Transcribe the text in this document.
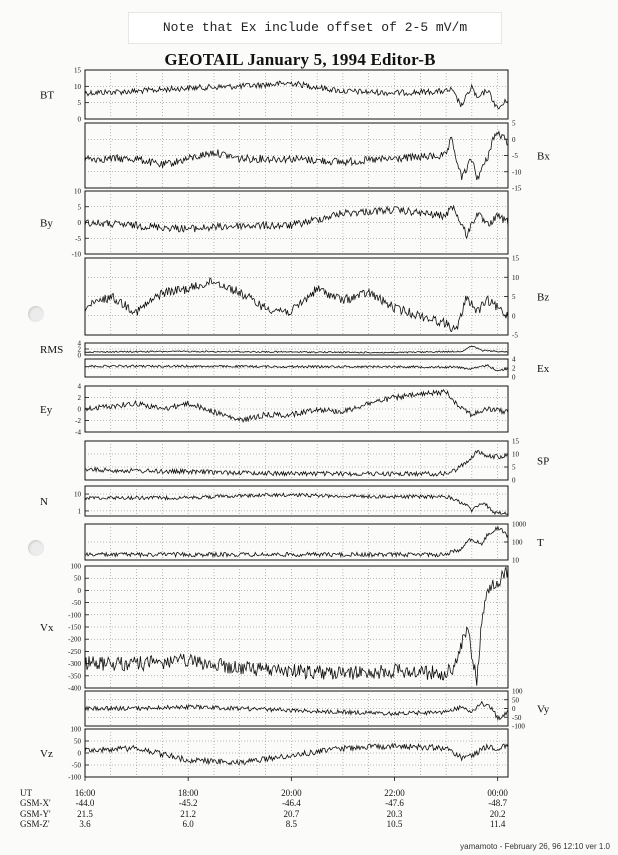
Note that Ex include offset of 2-5 mV/m
GEOTAIL January 5, 1994 Editor-B
15
10
5
0
BT
5
0
-5
-10
-15
Bx
10
5
0
-5
-10
By
15
10
5
0
-5
Bz
4
2
0
RMS
4
2
0
Ex
4
2
0
-2
-4
Ey
15
10
5
0
SP
10
1
N
1000
100
10
T
100
50
0
-50
-100
-150
-200
-250
-300
-350
-400
Vx
100
50
0
-50
-100
Vy
100
50
0
-50
-100
Vz
UT	16:00	18:00	20:00	22:00	00:00
GSM-X'	-44.0	-45.2	-46.4	-47.6	-48.7
GSM-Y'	21.5	21.2	20.7	20.3	20.2
GSM-Z'	3.6	6.0	8.5	10.5	11.4
yamamoto - February 26, 96 12:10 ver 1.0
